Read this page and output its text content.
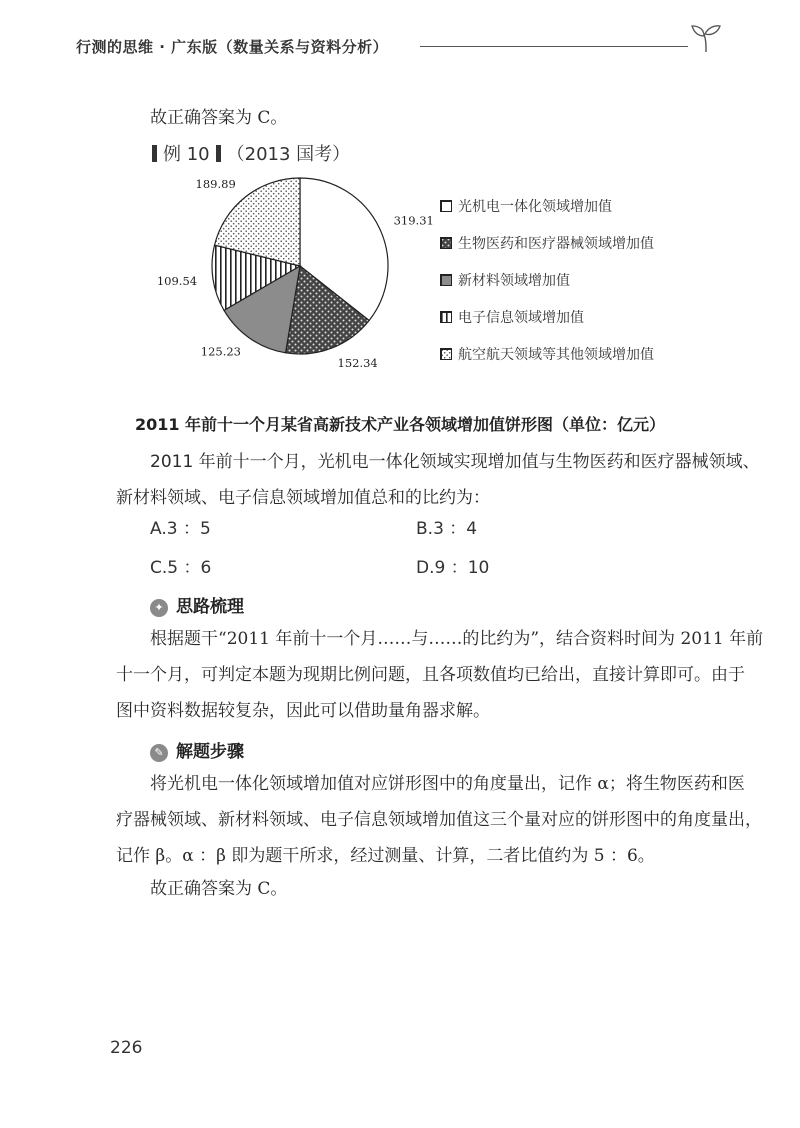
行测的思维 · 广东版（数量关系与资料分析）
故正确答案为 C。
例 10 （2013 国考）
319.31
152.34
125.23
109.54
189.89
光机电一体化领域增加值
生物医药和医疗器械领域增加值
新材料领域增加值
电子信息领域增加值
航空航天领域等其他领域增加值
2011 年前十一个月某省高新技术产业各领域增加值饼形图（单位：亿元）
2011 年前十一个月，光机电一体化领域实现增加值与生物医药和医疗器械领域、
新材料领域、电子信息领域增加值总和的比约为：
A.3 ：5	B.3 ：4
C.5 ：6	D.9 ：10
✦ 思路梳理
根据题干“2011 年前十一个月……与……的比约为”，结合资料时间为 2011 年前
十一个月，可判定本题为现期比例问题，且各项数值均已给出，直接计算即可。由于
图中资料数据较复杂，因此可以借助量角器求解。
✎ 解题步骤
将光机电一体化领域增加值对应饼形图中的角度量出，记作 α；将生物医药和医
疗器械领域、新材料领域、电子信息领域增加值这三个量对应的饼形图中的角度量出，
记作 β。α ：β 即为题干所求，经过测量、计算，二者比值约为 5 ：6。
故正确答案为 C。
226
